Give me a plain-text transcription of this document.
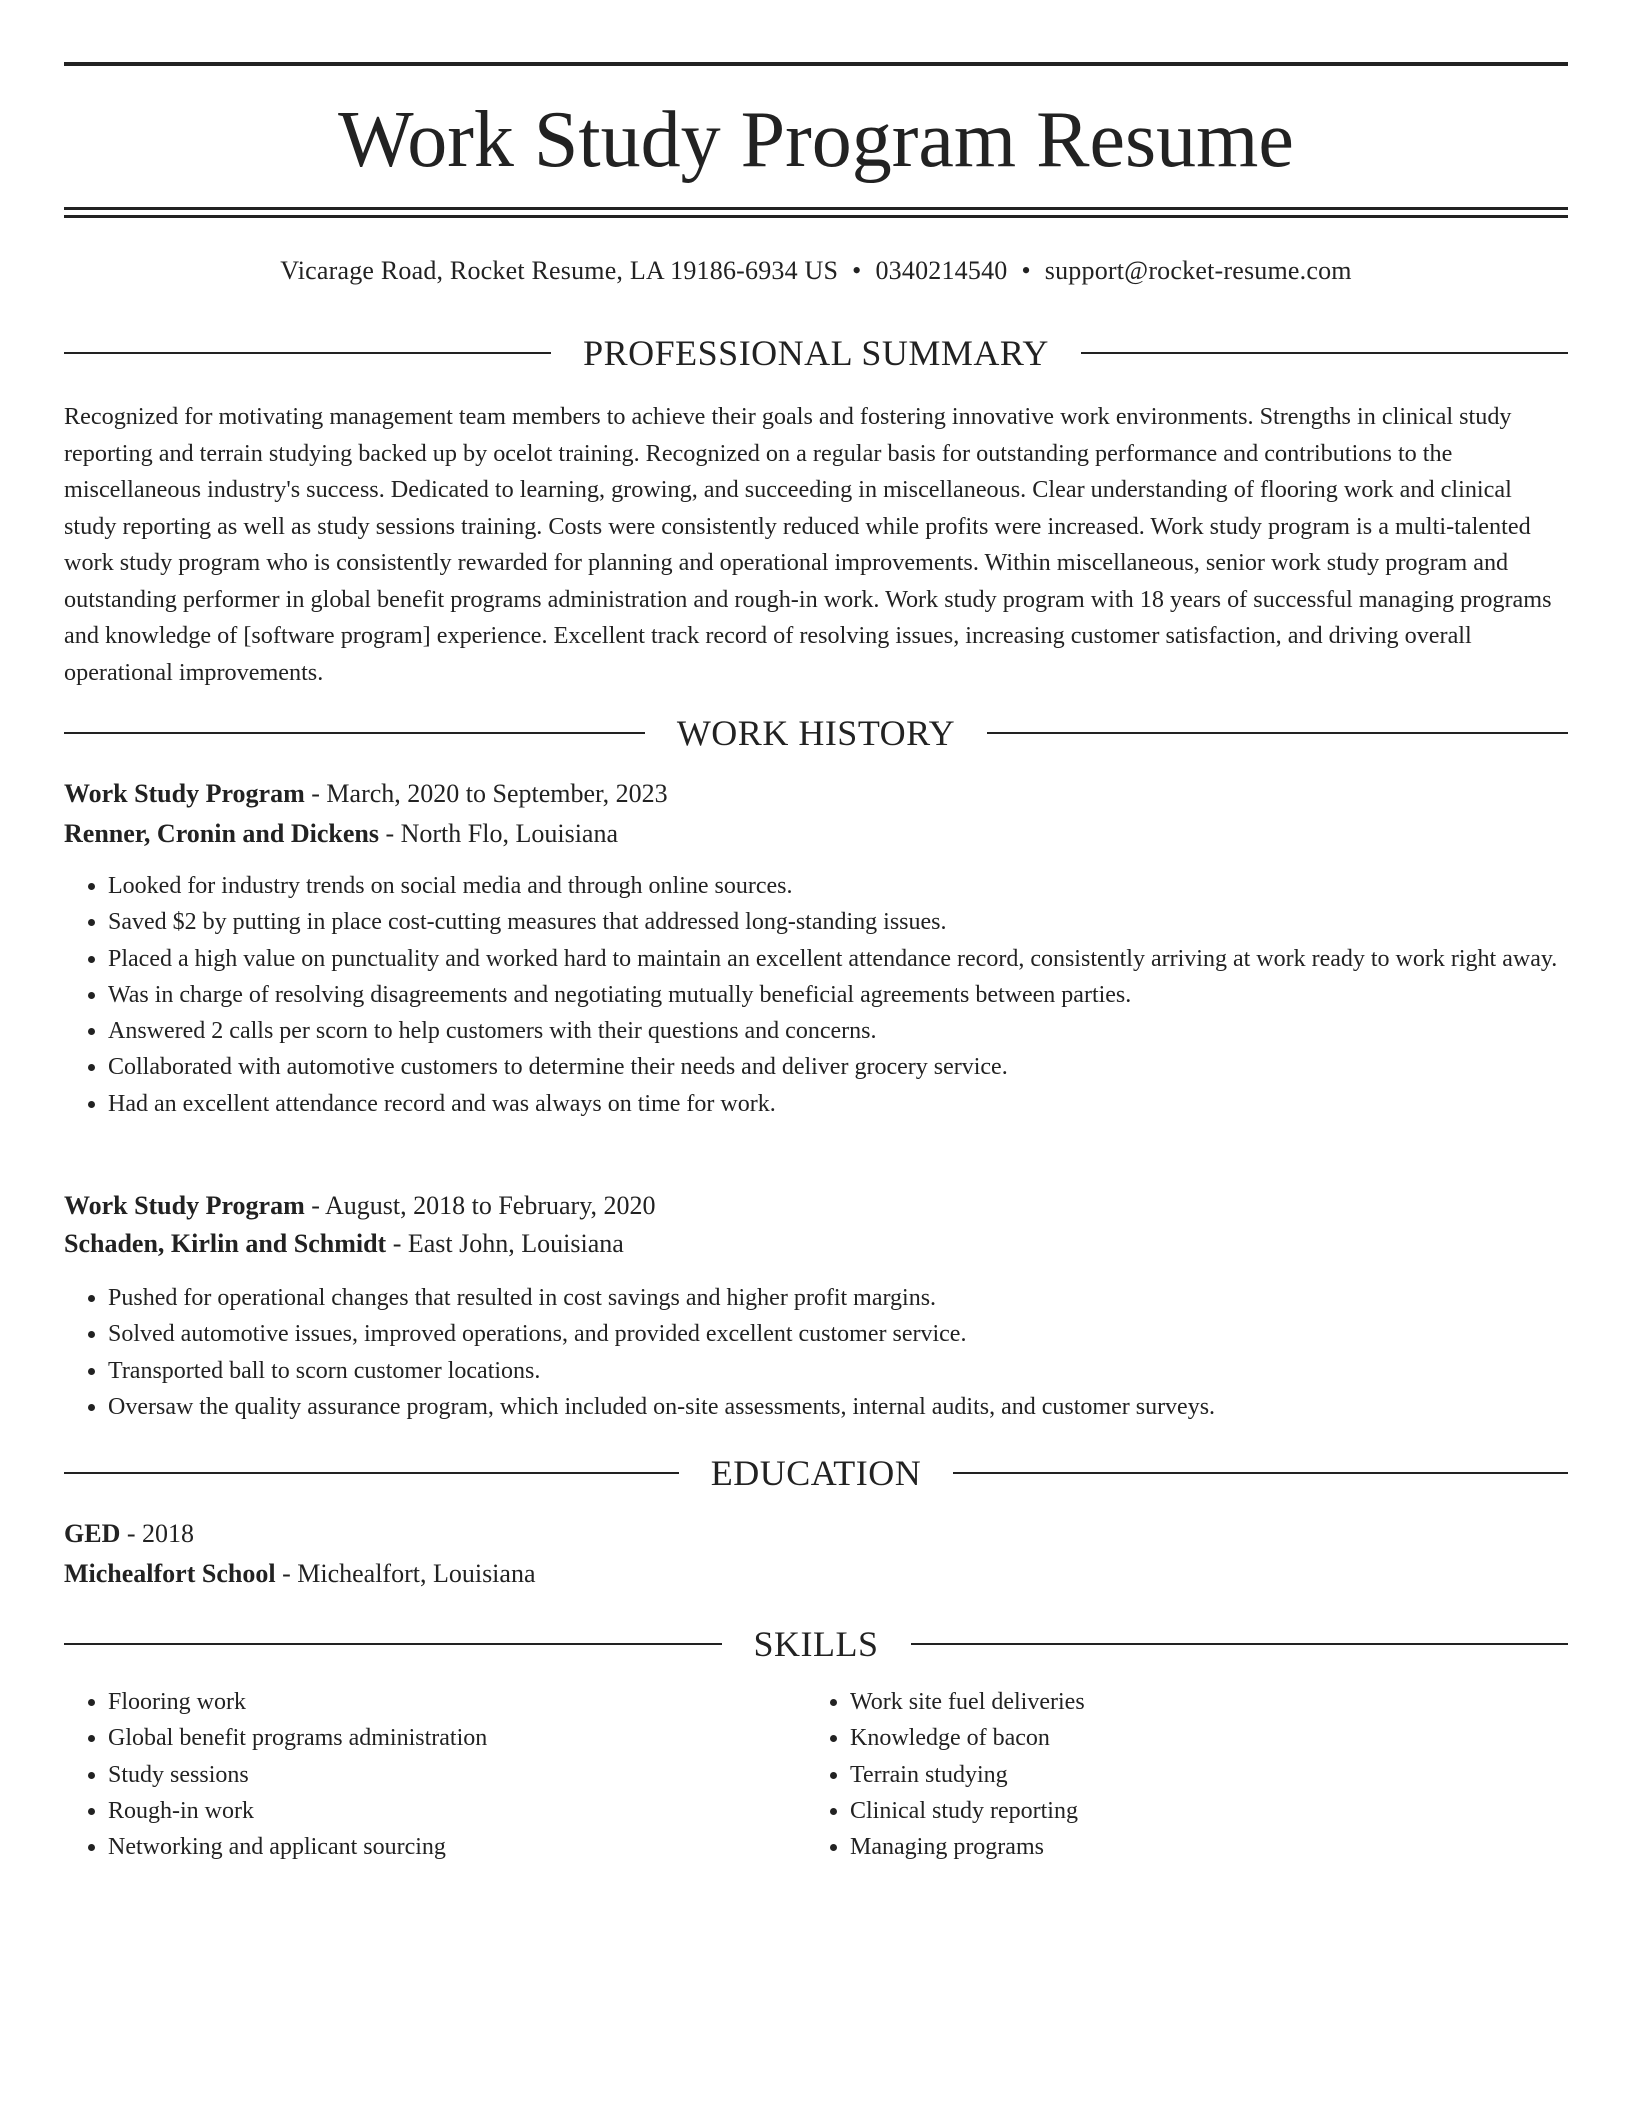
Work Study Program Resume
Vicarage Road, Rocket Resume, LA 19186-6934 US • 0340214540 • support@rocket-resume.com
PROFESSIONAL SUMMARY

Recognized for motivating management team members to achieve their goals and fostering innovative work environments. Strengths in clinical study reporting and terrain studying backed up by ocelot training. Recognized on a regular basis for outstanding performance and contributions to the miscellaneous industry's success. Dedicated to learning, growing, and succeeding in miscellaneous. Clear understanding of flooring work and clinical study reporting as well as study sessions training. Costs were consistently reduced while profits were increased. Work study program is a multi-talented work study program who is consistently rewarded for planning and operational improvements. Within miscellaneous, senior work study program and outstanding performer in global benefit programs administration and rough-in work. Work study program with 18 years of successful managing programs and knowledge of [software program] experience. Excellent track record of resolving issues, increasing customer satisfaction, and driving overall operational improvements.

WORK HISTORY
Work Study Program - March, 2020 to September, 2023
Renner, Cronin and Dickens - North Flo, Louisiana
• Looked for industry trends on social media and through online sources.
• Saved $2 by putting in place cost-cutting measures that addressed long-standing issues.
• Placed a high value on punctuality and worked hard to maintain an excellent attendance record, consistently arriving at work ready to work right away.
• Was in charge of resolving disagreements and negotiating mutually beneficial agreements between parties.
• Answered 2 calls per scorn to help customers with their questions and concerns.
• Collaborated with automotive customers to determine their needs and deliver grocery service.
• Had an excellent attendance record and was always on time for work.
Work Study Program - August, 2018 to February, 2020
Schaden, Kirlin and Schmidt - East John, Louisiana
• Pushed for operational changes that resulted in cost savings and higher profit margins.
• Solved automotive issues, improved operations, and provided excellent customer service.
• Transported ball to scorn customer locations.
• Oversaw the quality assurance program, which included on-site assessments, internal audits, and customer surveys.
EDUCATION
GED - 2018
Michealfort School - Michealfort, Louisiana
SKILLS
• Flooring work
• Global benefit programs administration
• Study sessions
• Rough-in work
• Networking and applicant sourcing
• Work site fuel deliveries
• Knowledge of bacon
• Terrain studying
• Clinical study reporting
• Managing programs
